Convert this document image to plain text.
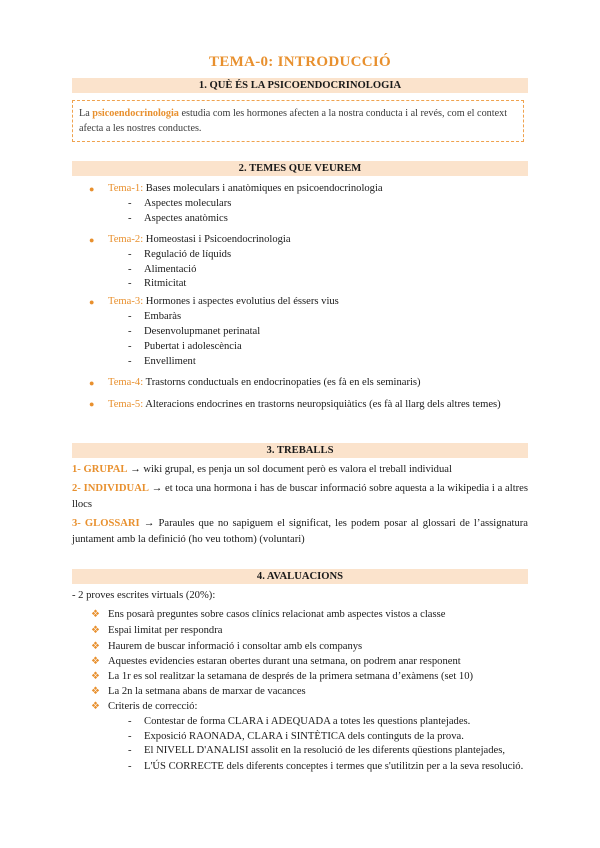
TEMA-0: INTRODUCCIÓ
1. QUÈ ÉS LA PSICOENDOCRINOLOGIA
La psicoendocrinologia estudia com les hormones afecten a la nostra conducta i al revés, com el context afecta a les nostres conductes.
2. TEMES QUE VEUREM
● Tema-1: Bases moleculars i anatòmiques en psicoendocrinologia
- Aspectes moleculars
- Aspectes anatòmics
● Tema-2: Homeostasi i Psicoendocrinologia
- Regulació de líquids
- Alimentació
- Ritmicitat
● Tema-3: Hormones i aspectes evolutius del éssers vius
- Embaràs
- Desenvolupmanet perinatal
- Pubertat i adolescència
- Envelliment
● Tema-4: Trastorns conductuals en endocrinopaties (es fà en els seminaris)
● Tema-5: Alteracions endocrines en trastorns neuropsiquiàtics (es fà al llarg dels altres temes)
3. TREBALLS
1- GRUPAL → wiki grupal, es penja un sol document però es valora el treball individual
2- INDIVIDUAL → et toca una hormona i has de buscar informació sobre aquesta a la wikipedia i a altres llocs
3- GLOSSARI → Paraules que no sapiguem el significat, les podem posar al glossari de l’assignatura juntament amb la definició (ho veu tothom) (voluntari)
4. AVALUACIONS
- 2 proves escrites virtuals (20%):
❖ Ens posarà preguntes sobre casos clínics relacionat amb aspectes vistos a classe
❖ Espai limitat per respondra
❖ Haurem de buscar informació i consoltar amb els companys
❖ Aquestes evidencies estaran obertes durant una setmana, on podrem anar responent
❖ La 1r es sol realitzar la setamana de després de la primera setmana d’exàmens (set 10)
❖ La 2n la setmana abans de marxar de vacances
❖ Criteris de correcció:
- Contestar de forma CLARA i ADEQUADA a totes les questions plantejades.
- Exposició RAONADA, CLARA i SINTÈTICA dels continguts de la prova.
- El NIVELL D'ANALISI assolit en la resolució de les diferents qüestions plantejades,
- L'ÚS CORRECTE dels diferents conceptes i termes que s'utilitzin per a la seva resolució.
